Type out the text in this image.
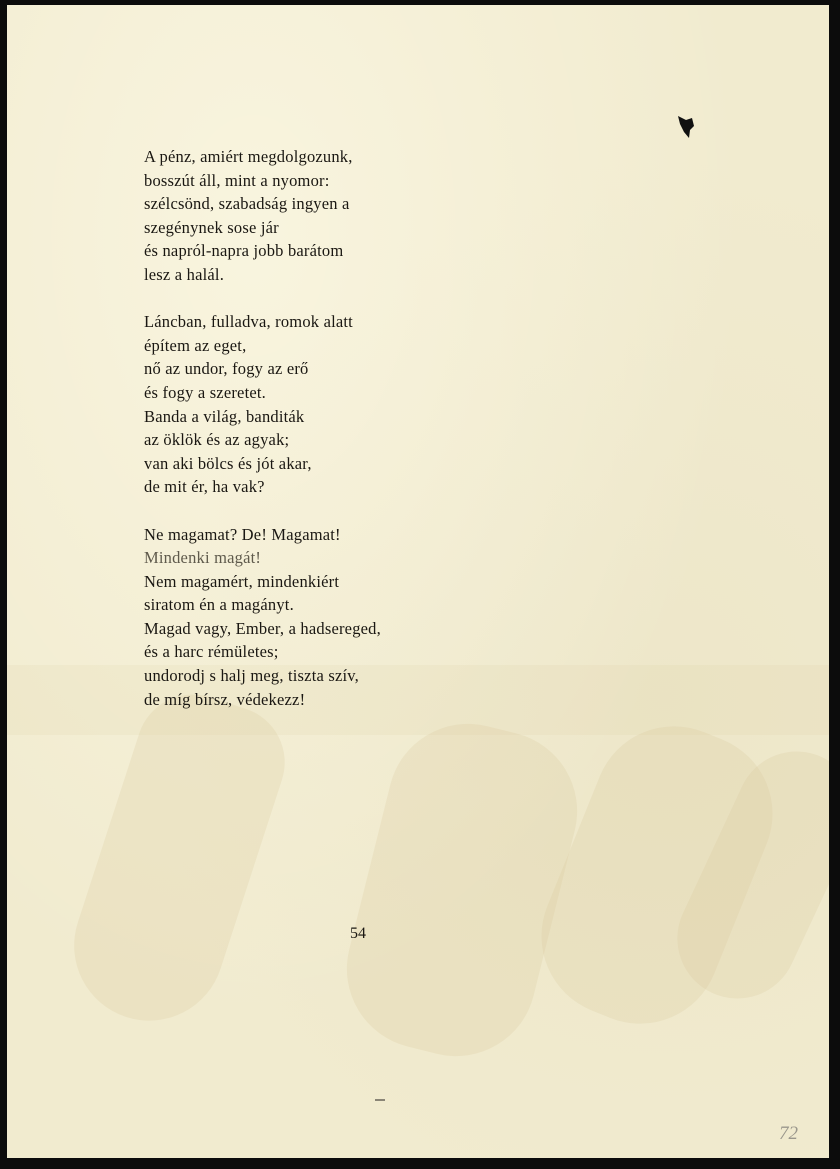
A pénz, amiért megdolgozunk,
bosszút áll, mint a nyomor:
szélcsönd, szabadság ingyen a
szegénynek sose jár
és napról-napra jobb barátom
lesz a halál.
Láncban, fulladva, romok alatt
építem az eget,
nő az undor, fogy az erő
és fogy a szeretet.
Banda a világ, banditák
az öklök és az agyak;
van aki bölcs és jót akar,
de mit ér, ha vak?
Ne magamat? De! Magamat!
Mindenki magát!
Nem magamért, mindenkiért
siratom én a magányt.
Magad vagy, Ember, a hadsereged,
és a harc rémületes;
undorodj s halj meg, tiszta szív,
de míg bírsz, védekezz!
54
72
